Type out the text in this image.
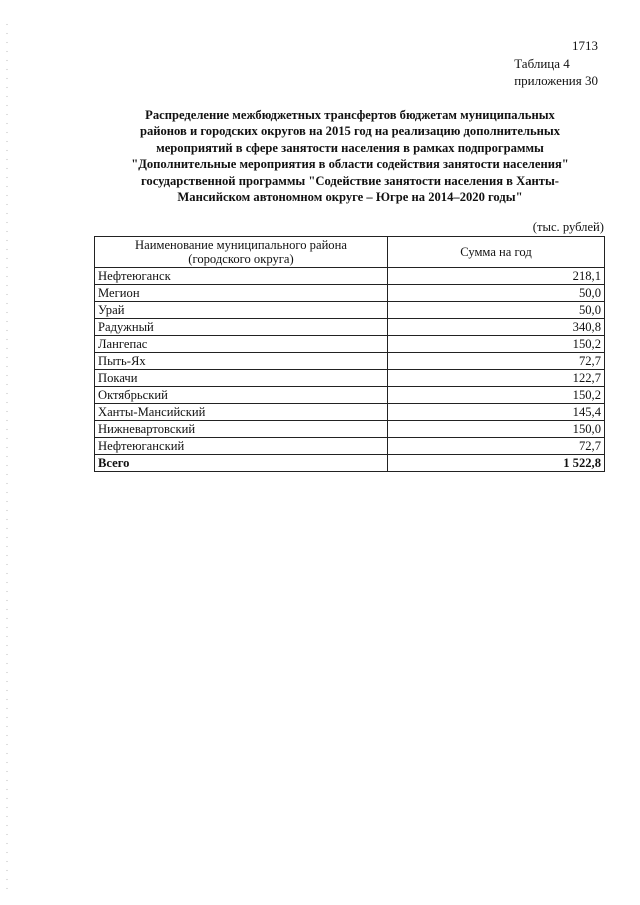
1713
Таблица 4
приложения 30
Распределение межбюджетных трансфертов бюджетам муниципальных
районов и городских округов на 2015 год на реализацию дополнительных
мероприятий в сфере занятости населения в рамках подпрограммы
"Дополнительные мероприятия в области содействия занятости населения"
государственной программы "Содействие занятости населения в Ханты-
Мансийском автономном округе – Югре на 2014–2020 годы"
(тыс. рублей)
Наименование муниципального района
(городского округа)	Сумма на год
Нефтеюганск	218,1
Мегион	50,0
Урай	50,0
Радужный	340,8
Лангепас	150,2
Пыть-Ях	72,7
Покачи	122,7
Октябрьский	150,2
Ханты-Мансийский	145,4
Нижневартовский	150,0
Нефтеюганский	72,7
Всего	1 522,8
